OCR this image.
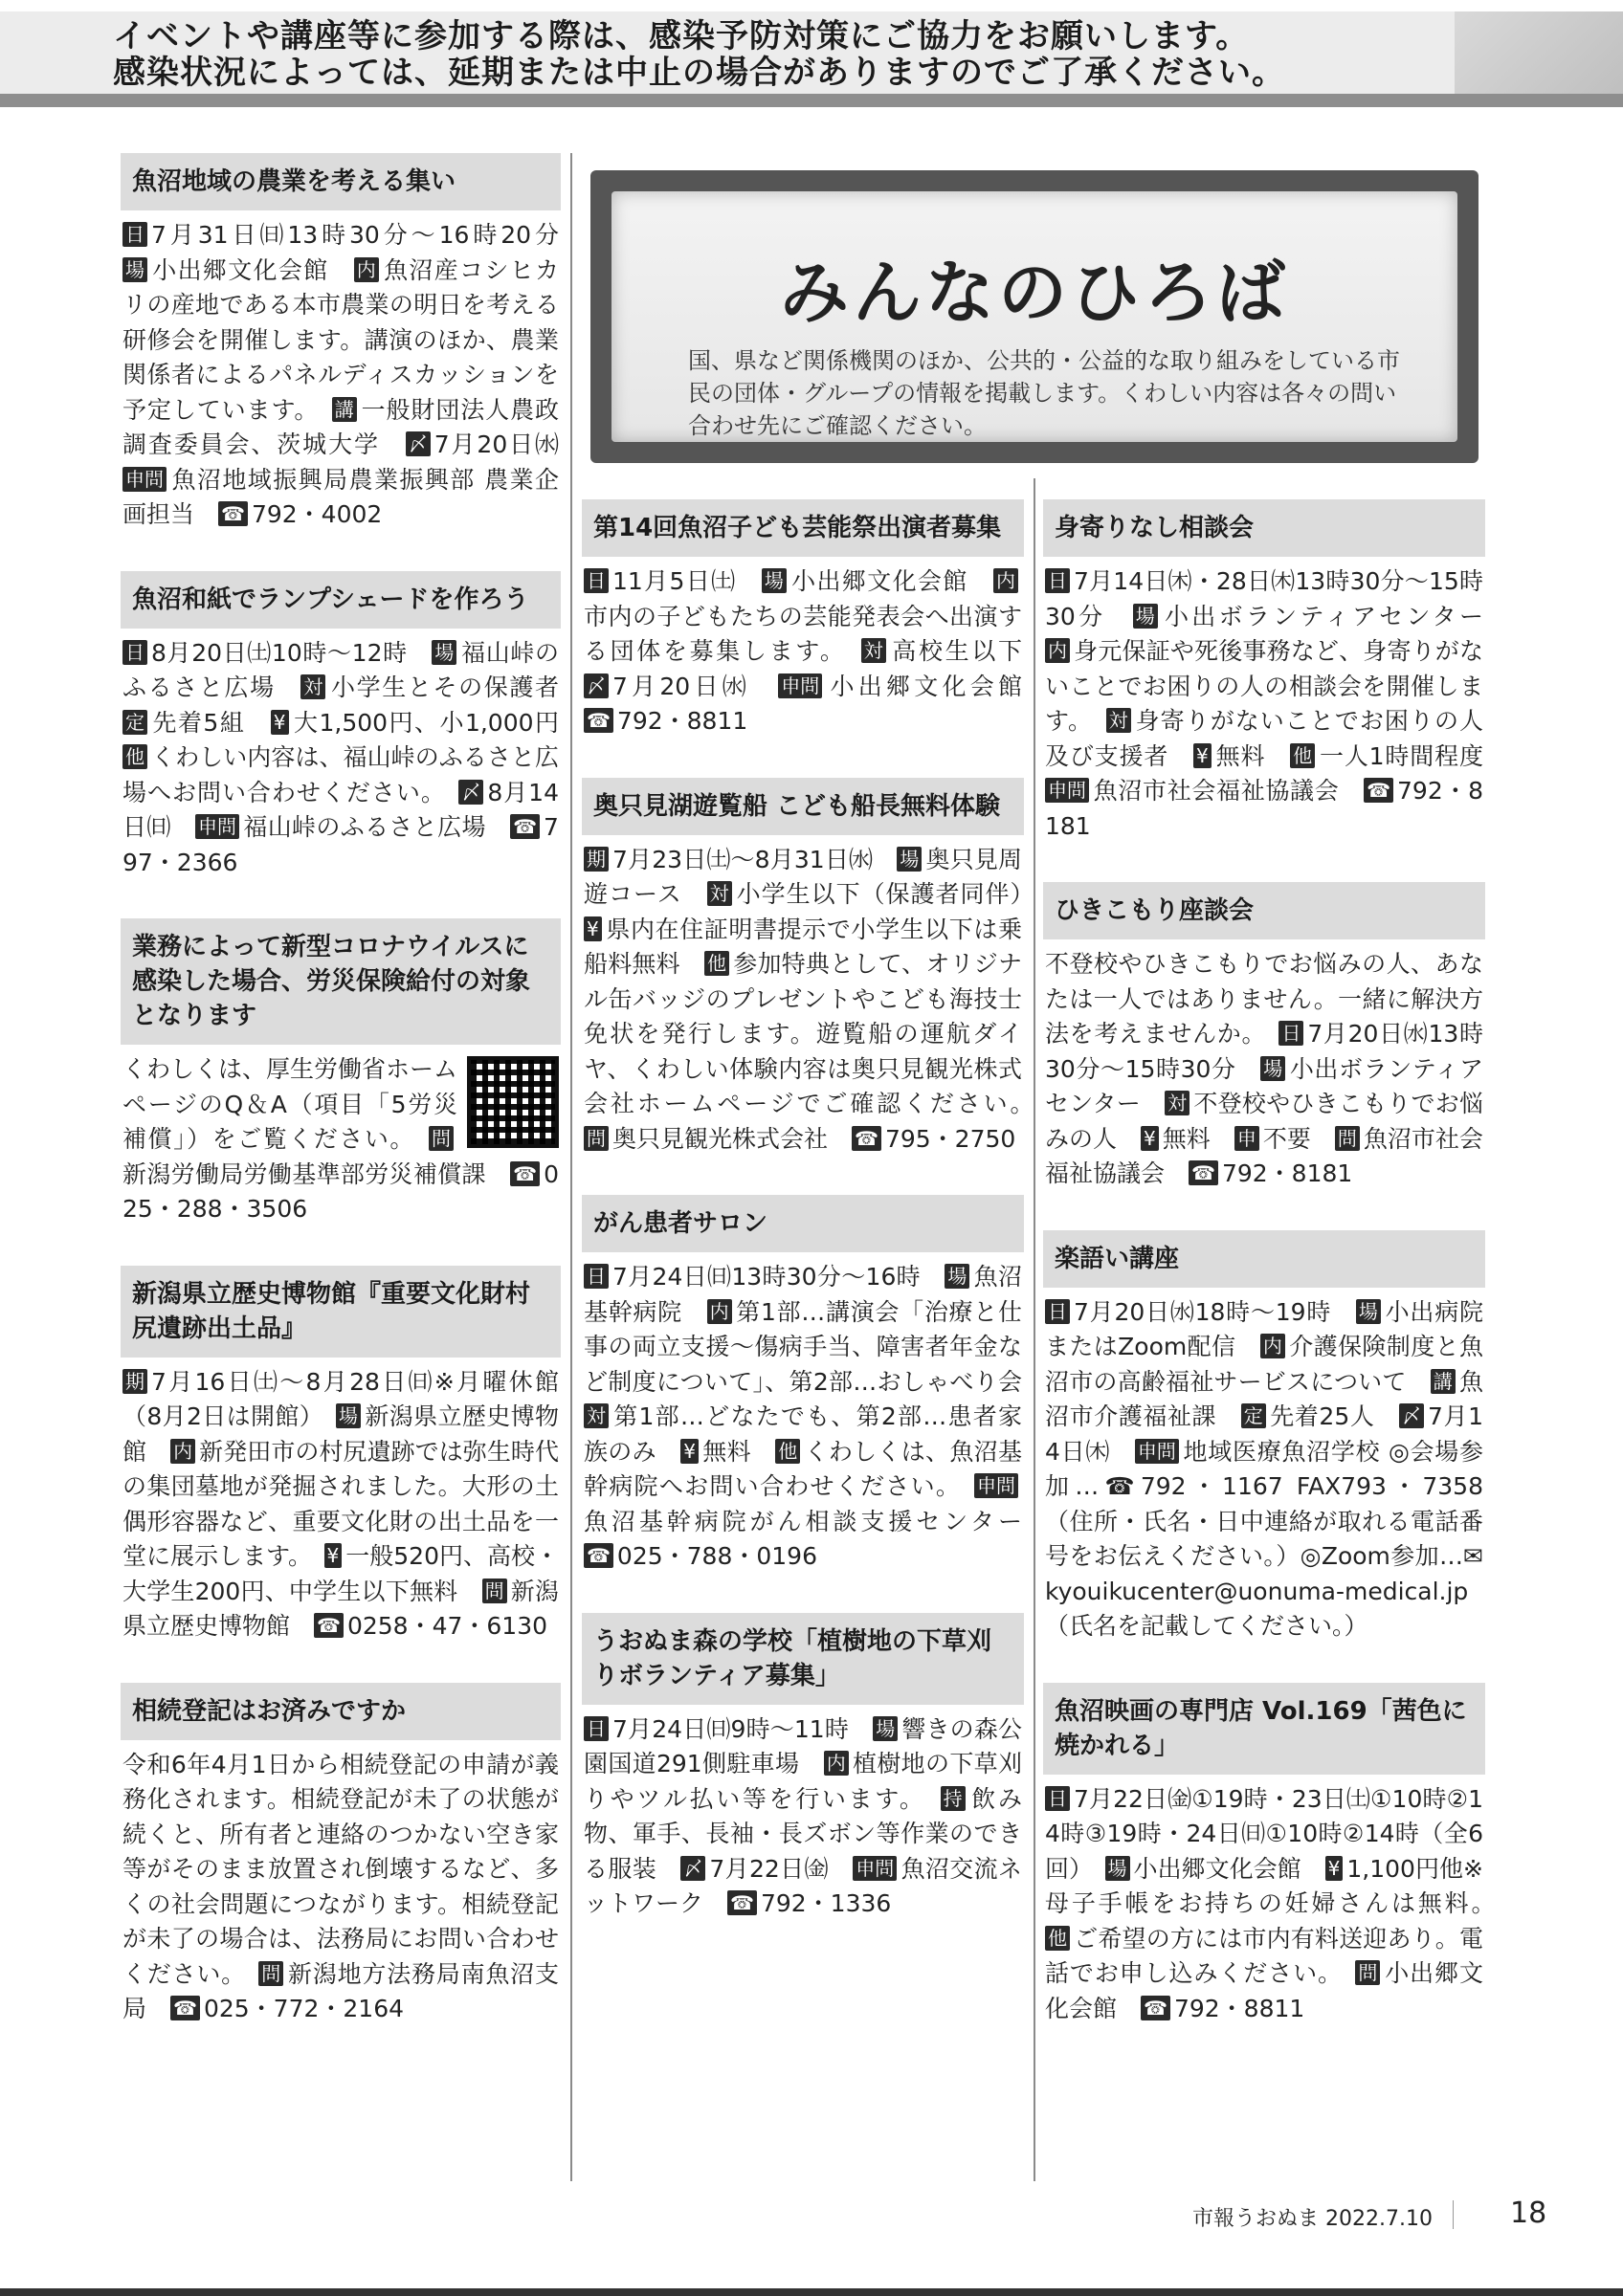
イベントや講座等に参加する際は、感染予防対策にご協力をお願いします。
感染状況によっては、延期または中止の場合がありますのでご了承ください。
みんなのひろば
国、県など関係機関のほか、公共的・公益的な取り組みをしている市民の団体・グループの情報を掲載します。くわしい内容は各々の問い合わせ先にご確認ください。
魚沼地域の農業を考える集い
日 7月31日㈰13時30分～16時20分　場 小出郷文化会館　 内 魚沼産コシヒカリの産地である本市農業の明日を考える研修会を開催します。講演のほか、農業関係者によるパネルディスカッションを予定しています。　 講 一般財団法人農政調査委員会、茨城大学　 〆 7月20日㈬　申問 魚沼地域振興局農業振興部 農業企画担当　 ☎ 792・4002　
魚沼和紙でランプシェードを作ろう
日 8月20日㈯10時～12時　 場 福山峠のふるさと広場　 対 小学生とその保護者　定 先着5組　 ¥ 大1,500円、小1,000円　他 くわしい内容は、福山峠のふるさと広場へお問い合わせください。　 〆 8月14日㈰　 申問 福山峠のふるさと広場　 ☎ 797・2366　
業務によって新型コロナウイルスに感染した場合、労災保険給付の対象となります
くわしくは、厚生労働省ホームページのQ＆A（項目「5労災補償」）をご覧ください。　 問新潟労働局労働基準部労災補償課　 ☎ 025・288・3506　
新潟県立歴史博物館『重要文化財村尻遺跡出土品』
期 7月16日㈯～8月28日㈰※月曜休館（8月2日は開館）　 場 新潟県立歴史博物館　 内 新発田市の村尻遺跡では弥生時代の集団墓地が発掘されました。大形の土偶形容器など、重要文化財の出土品を一堂に展示します。　 ¥ 一般520円、高校・大学生200円、中学生以下無料　 問 新潟県立歴史博物館　 ☎ 0258・47・6130　
相続登記はお済みですか
令和6年4月1日から相続登記の申請が義務化されます。相続登記が未了の状態が続くと、所有者と連絡のつかない空き家等がそのまま放置され倒壊するなど、多くの社会問題につながります。相続登記が未了の場合は、法務局にお問い合わせください。　 問 新潟地方法務局南魚沼支局　 ☎ 025・772・2164　
第14回魚沼子ども芸能祭出演者募集
日 11月5日㈯　 場 小出郷文化会館　 内市内の子どもたちの芸能発表会へ出演する団体を募集します。　 対 高校生以下　〆 7月20日㈬　 申問 小出郷文化会館　☎ 792・8811　
奥只見湖遊覧船 こども船長無料体験
期 7月23日㈯～8月31日㈬　 場 奥只見周遊コース　 対 小学生以下（保護者同伴）　¥ 県内在住証明書提示で小学生以下は乗船料無料　 他 参加特典として、オリジナル缶バッジのプレゼントやこども海技士免状を発行します。遊覧船の運航ダイヤ、くわしい体験内容は奥只見観光株式会社ホームページでご確認ください。　問 奥只見観光株式会社　 ☎ 795・2750　
がん患者サロン
日 7月24日㈰13時30分～16時　 場 魚沼基幹病院　 内 第1部…講演会「治療と仕事の両立支援～傷病手当、障害者年金など制度について」、第2部…おしゃべり会　対 第1部…どなたでも、第2部…患者家族のみ　 ¥ 無料　 他 くわしくは、魚沼基幹病院へお問い合わせください。　 申問魚沼基幹病院がん相談支援センター　☎ 025・788・0196　
うおぬま森の学校「植樹地の下草刈りボランティア募集」
日 7月24日㈰9時～11時　 場 響きの森公園国道291側駐車場　 内 植樹地の下草刈りやツル払い等を行います。　 持 飲み物、軍手、長袖・長ズボン等作業のできる服装　 〆 7月22日㈮　 申問 魚沼交流ネットワーク　 ☎ 792・1336　
身寄りなし相談会
日 7月14日㈭・28日㈭13時30分～15時30分　 場 小出ボランティアセンター　内 身元保証や死後事務など、身寄りがないことでお困りの人の相談会を開催します。　 対 身寄りがないことでお困りの人及び支援者　 ¥ 無料　 他 一人1時間程度　申問 魚沼市社会福祉協議会　 ☎ 792・8181　
ひきこもり座談会
不登校やひきこもりでお悩みの人、あなたは一人ではありません。一緒に解決方法を考えませんか。　 日 7月20日㈬13時30分～15時30分　 場 小出ボランティアセンター　 対 不登校やひきこもりでお悩みの人　 ¥ 無料　 申 不要　 問 魚沼市社会福祉協議会　 ☎ 792・8181　
楽語い講座
日 7月20日㈬18時～19時　 場 小出病院またはZoom配信　 内 介護保険制度と魚沼市の高齢福祉サービスについて　 講 魚沼市介護福祉課　 定 先着25人　 〆 7月14日㈭　 申問 地域医療魚沼学校 ◎会場参加…☎792・1167 FAX793・7358（住所・氏名・日中連絡が取れる電話番号をお伝えください。）◎Zoom参加…✉kyouikucenter@uonuma-medical.jp（氏名を記載してください。）　
魚沼映画の専門店 Vol.169「茜色に焼かれる」
日 7月22日㈮①19時・23日㈯①10時②14時③19時・24日㈰①10時②14時（全6回）　 場 小出郷文化会館　 ¥ 1,100円他※母子手帳をお持ちの妊婦さんは無料。　他 ご希望の方には市内有料送迎あり。電話でお申し込みください。　 問 小出郷文化会館　 ☎ 792・8811　
市報うおぬま 2022.7.10	18
